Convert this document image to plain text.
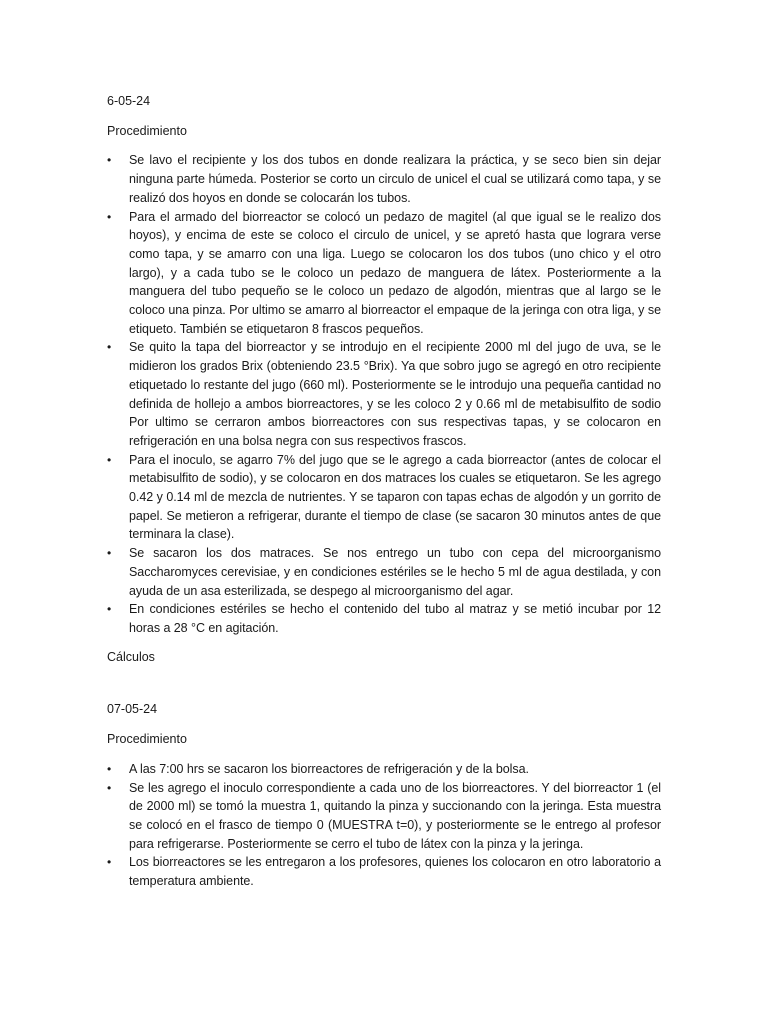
6-05-24

Procedimiento

• Se lavo el recipiente y los dos tubos en donde realizara la práctica, y se seco bien sin dejar ninguna parte húmeda. Posterior se corto un circulo de unicel el cual se utilizará como tapa, y se realizó dos hoyos en donde se colocarán los tubos.
• Para el armado del biorreactor se colocó un pedazo de magitel (al que igual se le realizo dos hoyos), y encima de este se coloco el circulo de unicel, y se apretó hasta que lograra verse como tapa, y se amarro con una liga. Luego se colocaron los dos tubos (uno chico y el otro largo), y a cada tubo se le coloco un pedazo de manguera de látex. Posteriormente a la manguera del tubo pequeño se le coloco un pedazo de algodón, mientras que al largo se le coloco una pinza. Por ultimo se amarro al biorreactor el empaque de la jeringa con otra liga, y se etiqueto. También se etiquetaron 8 frascos pequeños.
• Se quito la tapa del biorreactor y se introdujo en el recipiente 2000 ml del jugo de uva, se le midieron los grados Brix (obteniendo 23.5 °Brix). Ya que sobro jugo se agregó en otro recipiente etiquetado lo restante del jugo (660 ml). Posteriormente se le introdujo una pequeña cantidad no definida de hollejo a ambos biorreactores, y se les coloco 2 y 0.66 ml de metabisulfito de sodio Por ultimo se cerraron ambos biorreactores con sus respectivas tapas, y se colocaron en refrigeración en una bolsa negra con sus respectivos frascos.
• Para el inoculo, se agarro 7% del jugo que se le agrego a cada biorreactor (antes de colocar el metabisulfito de sodio), y se colocaron en dos matraces los cuales se etiquetaron. Se les agrego 0.42 y 0.14 ml de mezcla de nutrientes. Y se taparon con tapas echas de algodón y un gorrito de papel. Se metieron a refrigerar, durante el tiempo de clase (se sacaron 30 minutos antes de que terminara la clase).
• Se sacaron los dos matraces. Se nos entrego un tubo con cepa del microorganismo Saccharomyces cerevisiae, y en condiciones estériles se le hecho 5 ml de agua destilada, y con ayuda de un asa esterilizada, se despego al microorganismo del agar.
• En condiciones estériles se hecho el contenido del tubo al matraz y se metió incubar por 12 horas a 28 °C en agitación.

Cálculos

07-05-24

Procedimiento

• A las 7:00 hrs se sacaron los biorreactores de refrigeración y de la bolsa.
• Se les agrego el inoculo correspondiente a cada uno de los biorreactores. Y del biorreactor 1 (el de 2000 ml) se tomó la muestra 1, quitando la pinza y succionando con la jeringa. Esta muestra se colocó en el frasco de tiempo 0 (MUESTRA t=0), y posteriormente se le entrego al profesor para refrigerarse. Posteriormente se cerro el tubo de látex con la pinza y la jeringa.
• Los biorreactores se les entregaron a los profesores, quienes los colocaron en otro laboratorio a temperatura ambiente.
